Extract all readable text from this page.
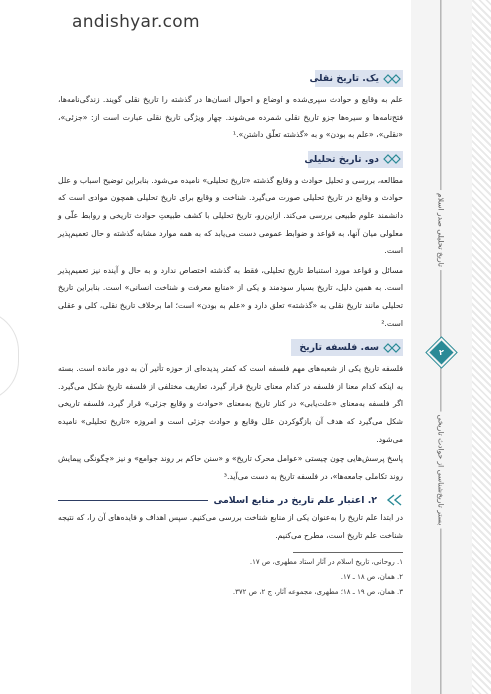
andishyar.com
تاریخ تحلیلی صدر اسلام
بستر تاریخ‌شناسی از حوادث تاریخی
۲
یک. تاریخ نقلی

علم به وقایع و حوادث سپری‌شده و اوضاع و احوال انسان‌ها در گذشته را تاریخ نقلی گویند. زندگی‌نامه‌ها، فتح‌نامه‌ها و سیره‌ها جزو تاریخ نقلی شمرده می‌شوند. چهار ویژگی تاریخ نقلی عبارت است از: «جزئی»، «نقلی»، «علم به بودن» و به «گذشته تعلّق داشتن».¹

دو. تاریخ تحلیلی

مطالعه، بررسی و تحلیل حوادث و وقایع گذشته «تاریخ تحلیلی» نامیده می‌شود. بنابراین توضیح اسباب و علل حوادث و وقایع در تاریخ تحلیلی صورت می‌گیرد. شناخت و وقایع برای تاریخ تحلیلی همچون موادی است که دانشمند علوم طبیعی بررسی می‌کند. ازاین‌رو، تاریخ تحلیلی با کشف طبیعتِ حوادث تاریخی و روابط علّی و معلولی میان آنها، به قواعد و ضوابط عمومی دست می‌یابد که به همه موارد مشابه گذشته و حال تعمیم‌پذیر است.

مسائل و قواعد مورد استنباط تاریخ تحلیلی، فقط به گذشته اختصاص ندارد و به حال و آینده نیز تعمیم‌پذیر است. به همین دلیل، تاریخ بسیار سودمند و یکی از «منابع معرفت و شناخت انسانی» است. بنابراین تاریخ تحلیلی مانند تاریخ نقلی به «گذشته» تعلق دارد و «علم به بودن» است؛ اما برخلاف تاریخ نقلی، کلی و عقلی است.²

سه. فلسفه تاریخ

فلسفه تاریخ یکی از شعبه‌های مهم فلسفه است که کمتر پدیده‌ای از حوزه تأثیر آن به دور مانده است. بسته به اینکه کدام معنا از فلسفه در کدام معنای تاریخ قرار گیرد، تعاریف مختلفی از فلسفه تاریخ شکل می‌گیرد. اگر فلسفه به‌معنای «علت‌یابی» در کنار تاریخ به‌معنای «حوادث و وقایع جزئی» قرار گیرد، فلسفه تاریخی شکل می‌گیرد که هدف آن بازگوکردن علل وقایع و حوادث جزئی است و امروزه «تاریخ تحلیلی» نامیده می‌شود.

پاسخ پرسش‌هایی چون چیستی «عوامل محرک تاریخ» و «سنن حاکم بر روند جوامع» و نیز «چگونگی پیمایش روند تکاملی جامعه‌ها»، در فلسفه تاریخ به دست می‌آید.³

۲. اعتبار علم تاریخ در منابع اسلامی

در ابتدا علم تاریخ را به‌عنوان یکی از منابع شناخت بررسی می‌کنیم. سپس اهداف و فایده‌های آن را، که نتیجه شناخت علم تاریخ است، مطرح می‌کنیم.

۱. روحانی، تاریخ اسلام در آثار استاد مطهری، ص ۱۷.

۲. همان، ص ۱۸ ـ ۱۷.

۳. همان، ص ۱۹ ـ ۱۸؛ مطهری، مجموعه آثار، ج ۲، ص ۳۷۲.
